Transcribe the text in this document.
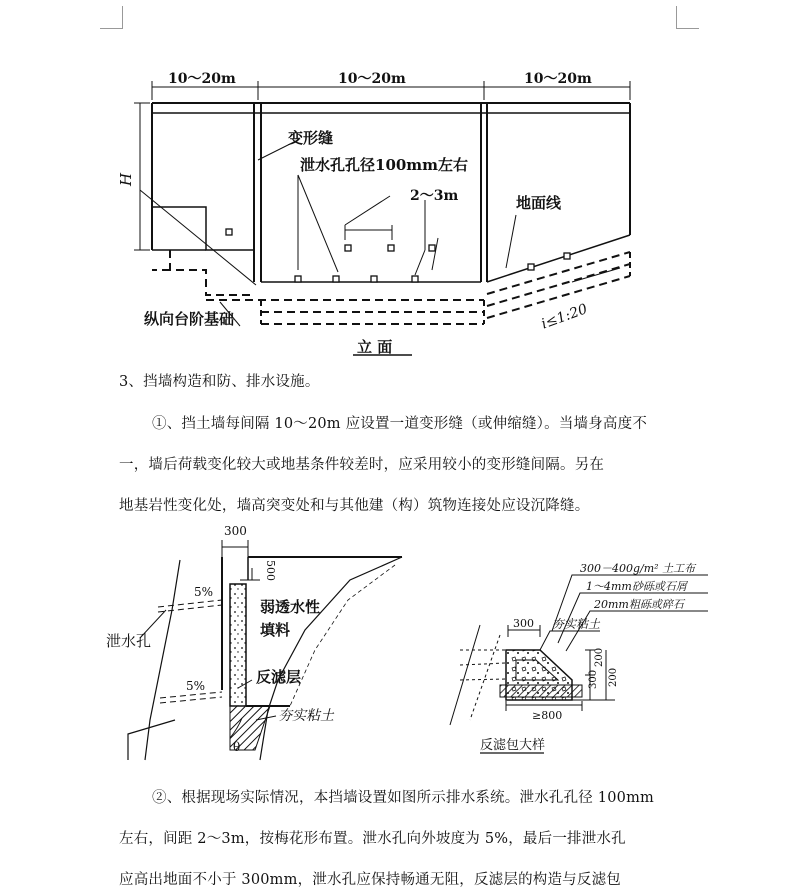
10～20m	10～20m	10～20m
H
变形缝
泄水孔孔径100mm左右
2～3m	地面线
i≤1:20
纵向台阶基础
立 面
3、挡墙构造和防、排水设施。
①、挡土墙每间隔 10～20m 应设置一道变形缝（或伸缩缝）。当墙身高度不
一，墙后荷载变化较大或地基条件较差时，应采用较小的变形缝间隔。另在
地基岩性变化处，墙高突变处和与其他建（构）筑物连接处应设沉降缝。
300
500
5%
5%
泄水孔
弱透水性
填料
反滤层
夯实粘土
θ
300－400g/m² 土工布
1～4mm砂砾或石屑
20mm粗砾或碎石
夯实粘土
300
200
300 200
≥800
反滤包大样
②、根据现场实际情况，本挡墙设置如图所示排水系统。泄水孔孔径 100mm
左右，间距 2～3m，按梅花形布置。泄水孔向外坡度为 5%，最后一排泄水孔
应高出地面不小于 300mm，泄水孔应保持畅通无阻，反滤层的构造与反滤包
